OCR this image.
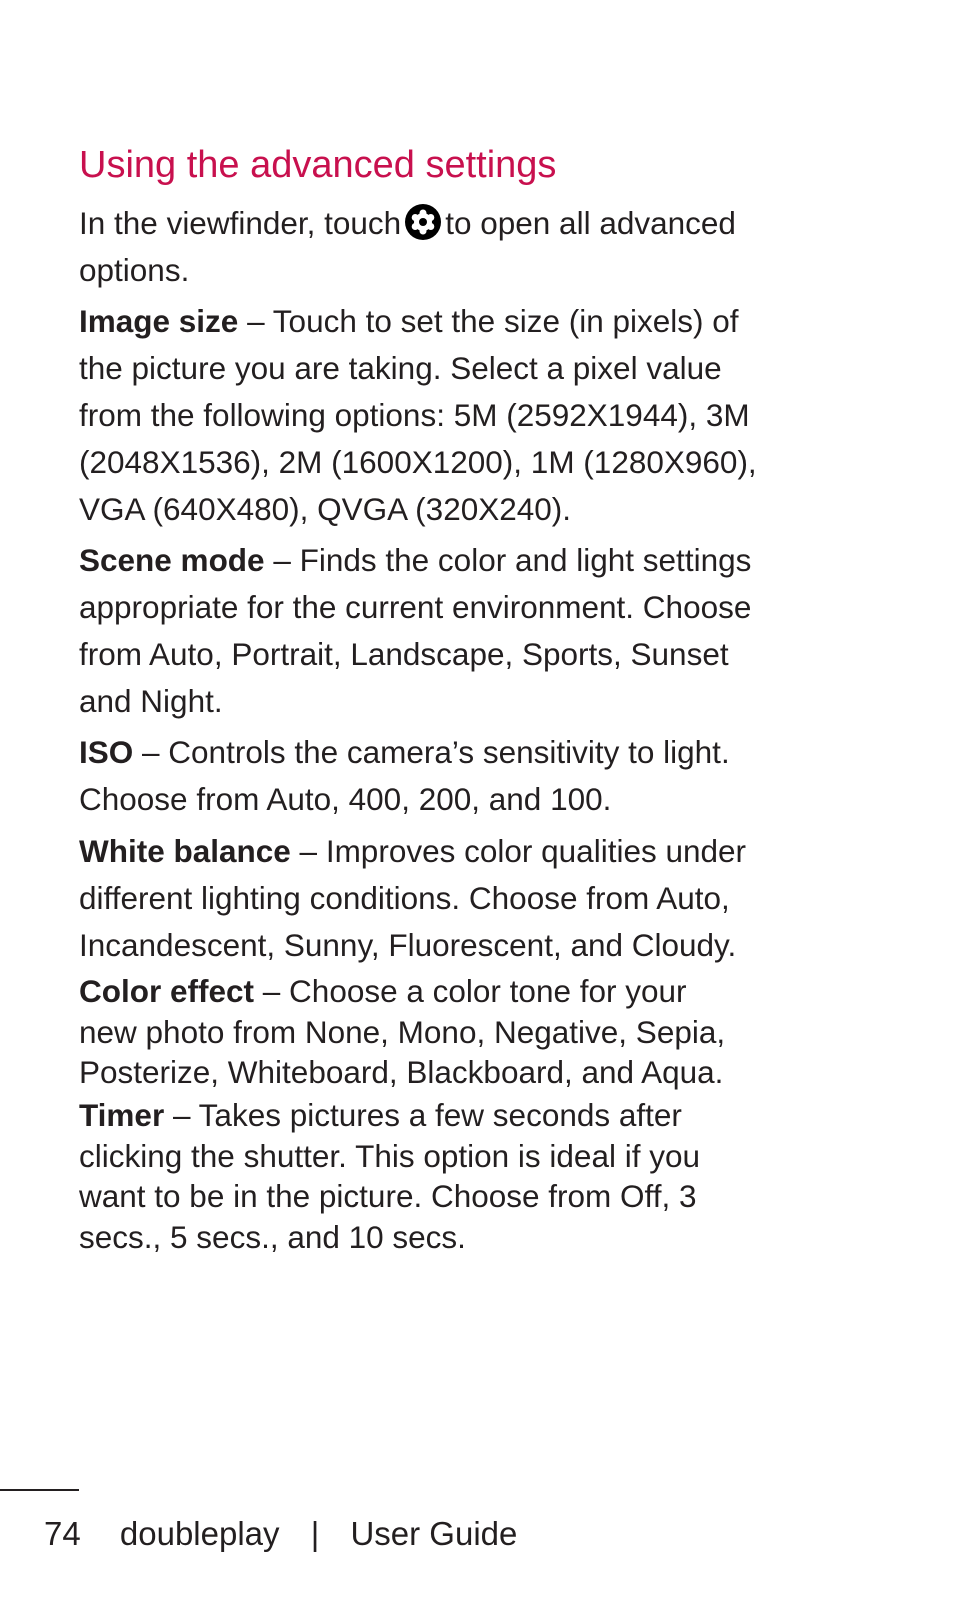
Using the advanced settings
In the viewfinder, touch to open all advanced
options.
Image size – Touch to set the size (in pixels) of
the picture you are taking. Select a pixel value
from the following options: 5M (2592X1944), 3M
(2048X1536), 2M (1600X1200), 1M (1280X960),
VGA (640X480), QVGA (320X240).
Scene mode – Finds the color and light settings
appropriate for the current environment. Choose
from Auto, Portrait, Landscape, Sports, Sunset
and Night.
ISO – Controls the camera’s sensitivity to light.
Choose from Auto, 400, 200, and 100.
White balance – Improves color qualities under
different lighting conditions. Choose from Auto,
Incandescent, Sunny, Fluorescent, and Cloudy.
Color effect – Choose a color tone for your
new photo from None, Mono, Negative, Sepia,
Posterize, Whiteboard, Blackboard, and Aqua.
Timer – Takes pictures a few seconds after
clicking the shutter. This option is ideal if you
want to be in the picture. Choose from Off, 3
secs., 5 secs., and 10 secs.
74 doubleplay | User Guide
